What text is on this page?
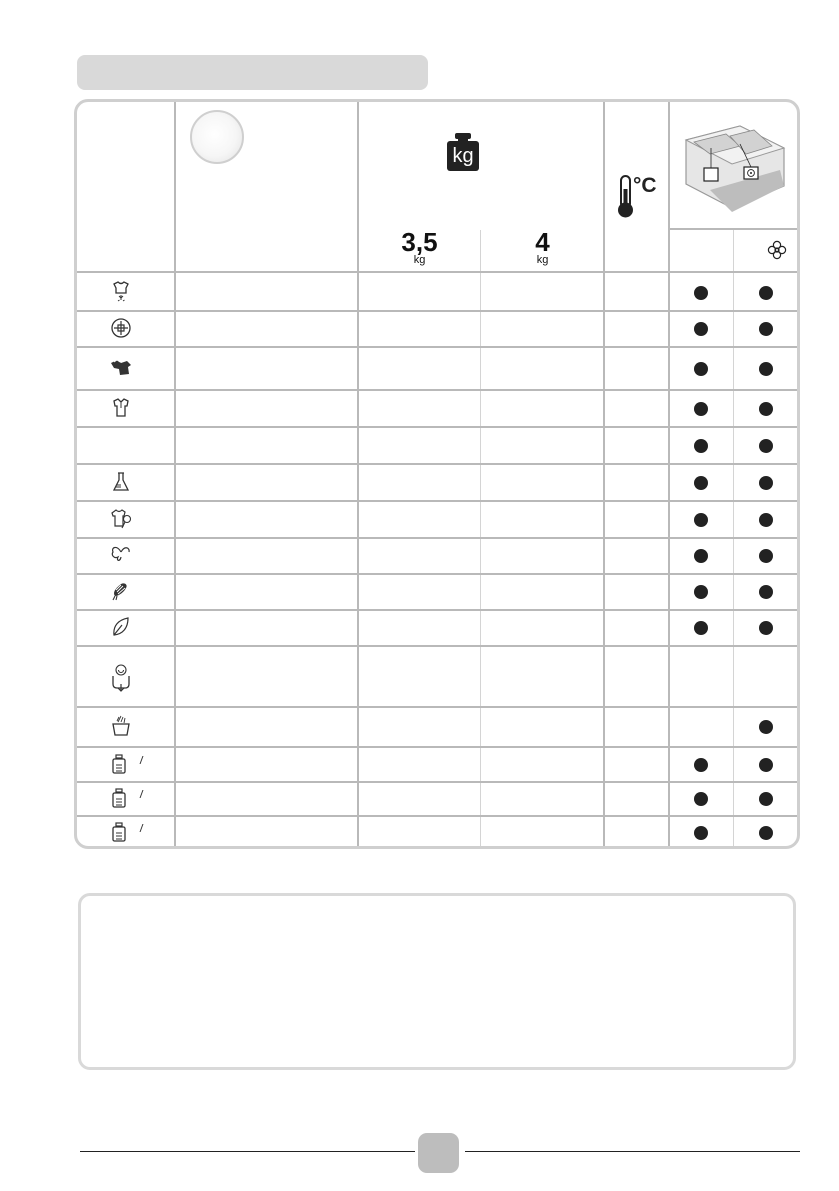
kg
3,5
kg
4
kg
°C
